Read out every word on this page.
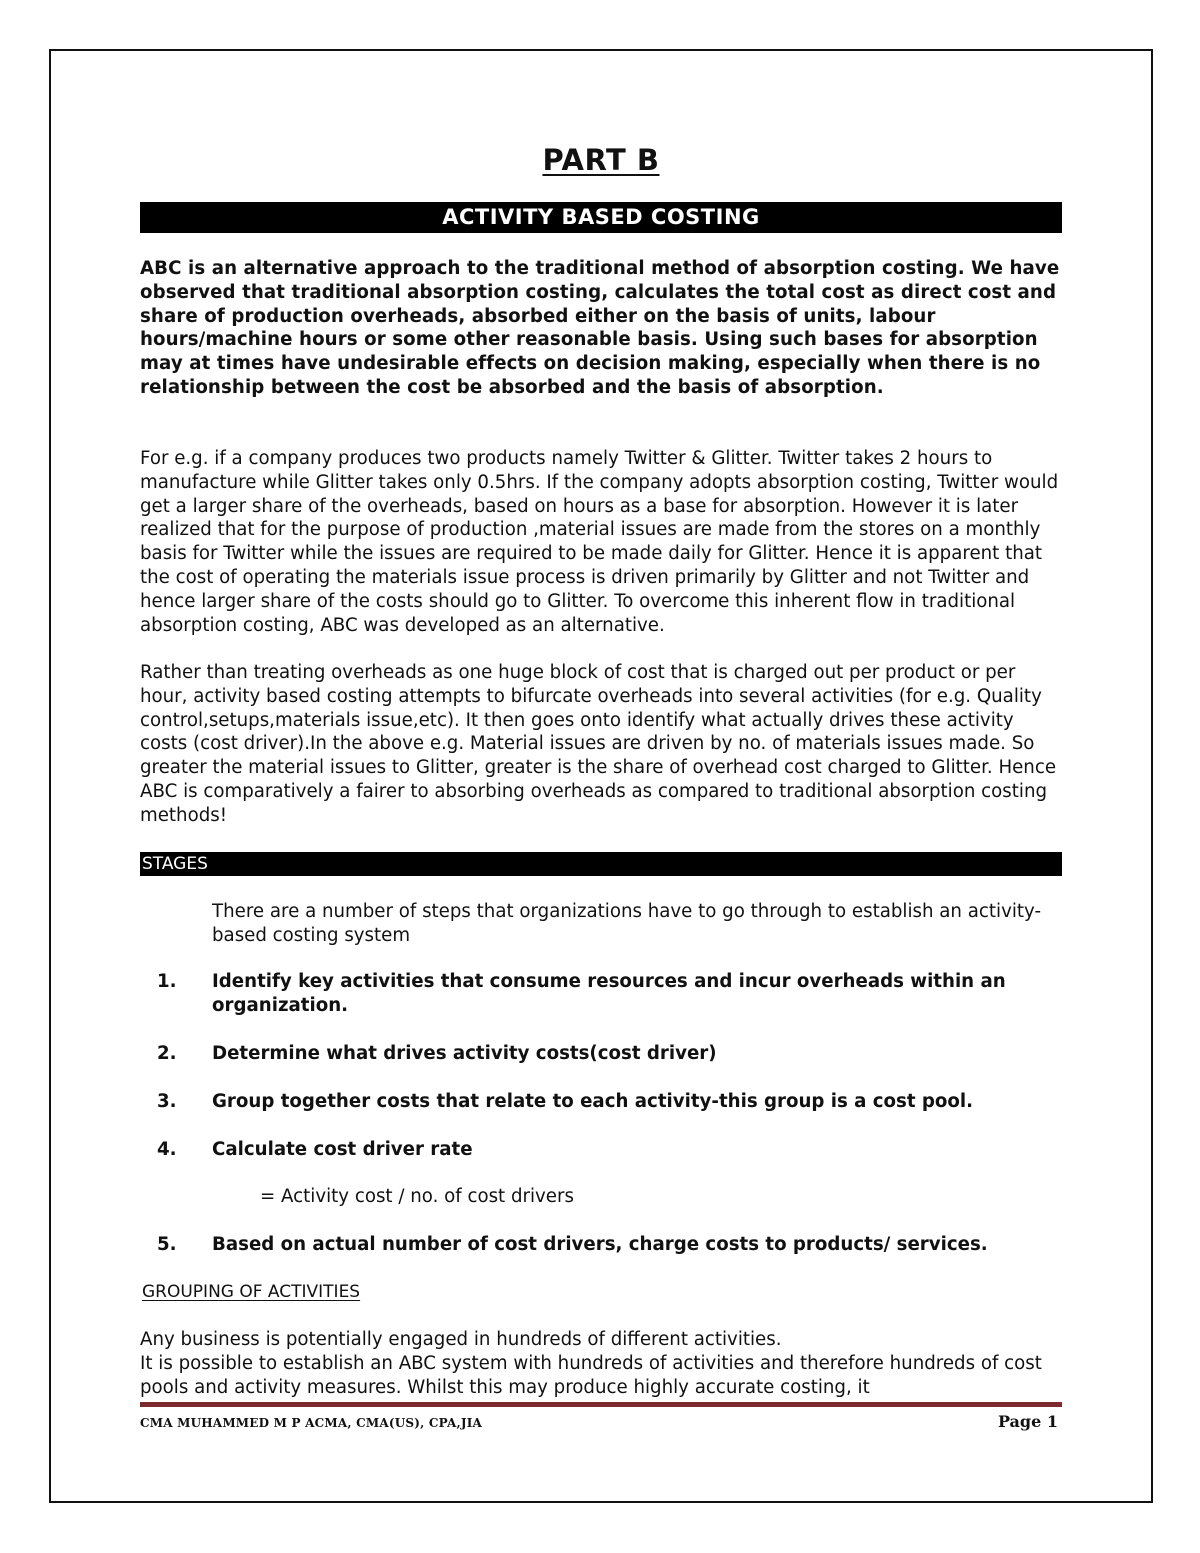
PART B
ACTIVITY BASED COSTING

ABC is an alternative approach to the traditional method of absorption costing. We have observed that traditional absorption costing, calculates the total cost as direct cost and share of production overheads, absorbed either on the basis of units, labour hours/machine hours or some other reasonable basis. Using such bases for absorption may at times have undesirable effects on decision making, especially when there is no relationship between the cost be absorbed and the basis of absorption.

For e.g. if a company produces two products namely Twitter & Glitter. Twitter takes 2 hours to manufacture while Glitter takes only 0.5hrs. If the company adopts absorption costing, Twitter would get a larger share of the overheads, based on hours as a base for absorption. However it is later realized that for the purpose of production ,material issues are made from the stores on a monthly basis for Twitter while the issues are required to be made daily for Glitter. Hence it is apparent that the cost of operating the materials issue process is driven primarily by Glitter and not Twitter and hence larger share of the costs should go to Glitter. To overcome this inherent flow in traditional absorption costing, ABC was developed as an alternative.

Rather than treating overheads as one huge block of cost that is charged out per product or per hour, activity based costing attempts to bifurcate overheads into several activities (for e.g. Quality control,setups,materials issue,etc). It then goes onto identify what actually drives these activity costs (cost driver).In the above e.g. Material issues are driven by no. of materials issues made. So greater the material issues to Glitter, greater is the share of overhead cost charged to Glitter. Hence ABC is comparatively a fairer to absorbing overheads as compared to traditional absorption costing methods!

STAGES

There are a number of steps that organizations have to go through to establish an activity-based costing system

1. Identify key activities that consume resources and incur overheads within an organization.
2. Determine what drives activity costs(cost driver)
3. Group together costs that relate to each activity-this group is a cost pool.
4. Calculate cost driver rate
= Activity cost / no. of cost drivers
5. Based on actual number of cost drivers, charge costs to products/ services.
GROUPING OF ACTIVITIES

Any business is potentially engaged in hundreds of different activities.
It is possible to establish an ABC system with hundreds of activities and therefore hundreds of cost pools and activity measures. Whilst this may produce highly accurate costing, it

CMA MUHAMMED M P ACMA, CMA(US), CPA,JIA	Page 1
